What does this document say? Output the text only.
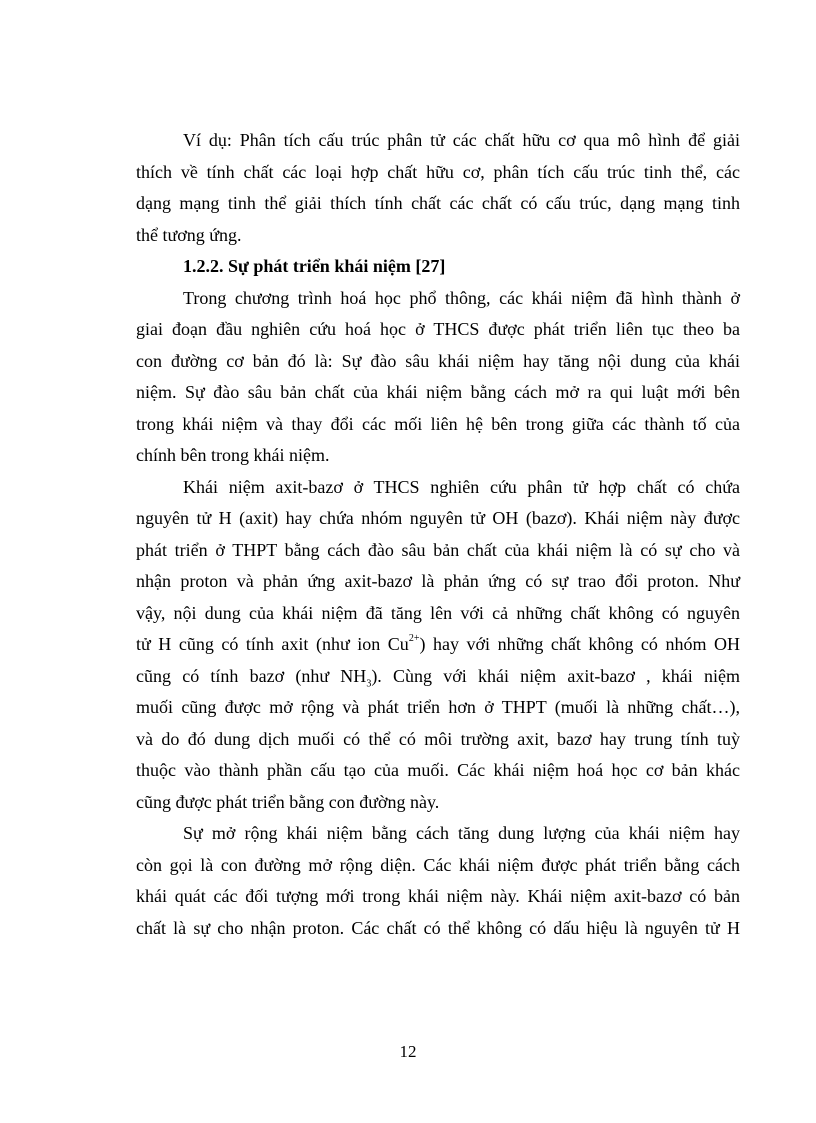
Ví dụ: Phân tích cấu trúc phân tử các chất hữu cơ qua mô hình để giải
thích về tính chất các loại hợp chất hữu cơ, phân tích cấu trúc tinh thể, các
dạng mạng tinh thể giải thích tính chất các chất có cấu trúc, dạng mạng tinh
thể tương ứng.
1.2.2. Sự phát triển khái niệm [27]
Trong chương trình hoá học phổ thông, các khái niệm đã hình thành ở
giai đoạn đầu nghiên cứu hoá học ở THCS được phát triển liên tục theo ba
con đường cơ bản đó là: Sự đào sâu khái niệm hay tăng nội dung của khái
niệm. Sự đào sâu bản chất của khái niệm bằng cách mở ra qui luật mới bên
trong khái niệm và thay đổi các mối liên hệ bên trong giữa các thành tố của
chính bên trong khái niệm.
Khái niệm axit-bazơ ở THCS nghiên cứu phân tử hợp chất có chứa
nguyên tử H (axit) hay chứa nhóm nguyên tử OH (bazơ). Khái niệm này được
phát triển ở THPT bằng cách đào sâu bản chất của khái niệm là có sự cho và
nhận proton và phản ứng axit-bazơ là phản ứng có sự trao đổi proton. Như
vậy, nội dung của khái niệm đã tăng lên với cả những chất không có nguyên
tử H cũng có tính axit (như ion $Cu^{2+}$) hay với những chất không có nhóm OH
cũng có tính bazơ (như $NH_3$). Cùng với khái niệm axit-bazơ , khái niệm
muối cũng được mở rộng và phát triển hơn ở THPT (muối là những chất…),
và do đó dung dịch muối có thể có môi trường axit, bazơ hay trung tính tuỳ
thuộc vào thành phần cấu tạo của muối. Các khái niệm hoá học cơ bản khác
cũng được phát triển bằng con đường này.
Sự mở rộng khái niệm bằng cách tăng dung lượng của khái niệm hay
còn gọi là con đường mở rộng diện. Các khái niệm được phát triển bằng cách
khái quát các đối tượng mới trong khái niệm này. Khái niệm axit-bazơ có bản
chất là sự cho nhận proton. Các chất có thể không có dấu hiệu là nguyên tử H
12
